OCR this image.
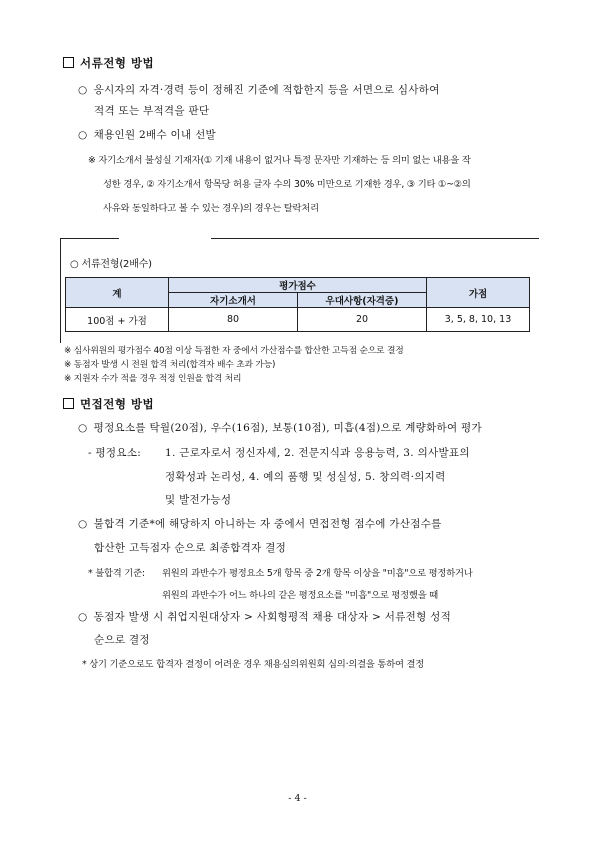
서류전형 방법
○ 응시자의 자격·경력 등이 정해진 기준에 적합한지 등을 서면으로 심사하여
적격 또는 부적격을 판단
○ 채용인원 2배수 이내 선발
※ 자기소개서 불성실 기재자(① 기재 내용이 없거나 특정 문자만 기재하는 등 의미 없는 내용을 작
성한 경우, ② 자기소개서 항목당 허용 글자 수의 30% 미만으로 기재한 경우, ③ 기타 ①~②의
사유와 동일하다고 볼 수 있는 경우)의 경우는 탈락처리
○ 서류전형(2배수)
계	평가점수		가점
	자기소개서	우대사항(자격증)	
100점 + 가점	80	20	3, 5, 8, 10, 13
※ 심사위원의 평가점수 40점 이상 득점한 자 중에서 가산점수를 합산한 고득점 순으로 결정
※ 동점자 발생 시 전원 합격 처리(합격자 배수 초과 가능)
※ 지원자 수가 적을 경우 적정 인원을 합격 처리
면접전형 방법
○ 평정요소를 탁월(20점), 우수(16점), 보통(10점), 미흡(4점)으로 계량화하여 평가
- 평정요소: 1. 근로자로서 정신자세, 2. 전문지식과 응용능력, 3. 의사발표의
정확성과 논리성, 4. 예의 품행 및 성실성, 5. 창의력·의지력
및 발전가능성
○ 불합격 기준*에 해당하지 아니하는 자 중에서 면접전형 점수에 가산점수를
합산한 고득점자 순으로 최종합격자 결정
* 불합격 기준: 위원의 과반수가 평정요소 5개 항목 중 2개 항목 이상을 "미흡"으로 평정하거나
위원의 과반수가 어느 하나의 같은 평정요소를 "미흡"으로 평정했을 때
○ 동점자 발생 시 취업지원대상자 > 사회형평적 채용 대상자 > 서류전형 성적
순으로 결정
* 상기 기준으로도 합격자 결정이 어려운 경우 채용심의위원회 심의·의결을 통하여 결정
- 4 -
